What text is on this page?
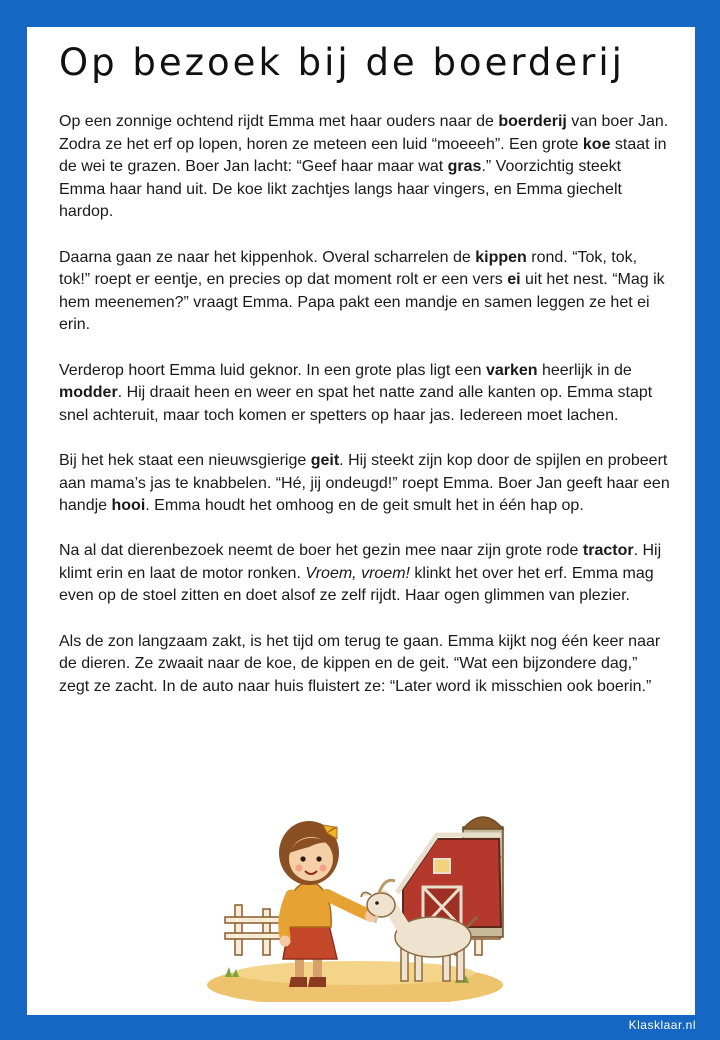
Op bezoek bij de boerderij

Op een zonnige ochtend rijdt Emma met haar ouders naar de boerderij van boer Jan. Zodra ze het erf op lopen, horen ze meteen een luid “moeeeh”. Een grote koe staat in de wei te grazen. Boer Jan lacht: “Geef haar maar wat gras.” Voorzichtig steekt Emma haar hand uit. De koe likt zachtjes langs haar vingers, en Emma giechelt hardop.

Daarna gaan ze naar het kippenhok. Overal scharrelen de kippen rond. “Tok, tok, tok!” roept er eentje, en precies op dat moment rolt er een vers ei uit het nest. “Mag ik hem meenemen?” vraagt Emma. Papa pakt een mandje en samen leggen ze het ei erin.

Verderop hoort Emma luid geknor. In een grote plas ligt een varken heerlijk in de modder. Hij draait heen en weer en spat het natte zand alle kanten op. Emma stapt snel achteruit, maar toch komen er spetters op haar jas. Iedereen moet lachen.

Bij het hek staat een nieuwsgierige geit. Hij steekt zijn kop door de spijlen en probeert aan mama’s jas te knabbelen. “Hé, jij ondeugd!” roept Emma. Boer Jan geeft haar een handje hooi. Emma houdt het omhoog en de geit smult het in één hap op.

Na al dat dierenbezoek neemt de boer het gezin mee naar zijn grote rode tractor. Hij klimt erin en laat de motor ronken. Vroem, vroem! klinkt het over het erf. Emma mag even op de stoel zitten en doet alsof ze zelf rijdt. Haar ogen glimmen van plezier.

Als de zon langzaam zakt, is het tijd om terug te gaan. Emma kijkt nog één keer naar de dieren. Ze zwaait naar de koe, de kippen en de geit. “Wat een bijzondere dag,” zegt ze zacht. In de auto naar huis fluistert ze: “Later word ik misschien ook boerin.”

Klasklaar.nl
